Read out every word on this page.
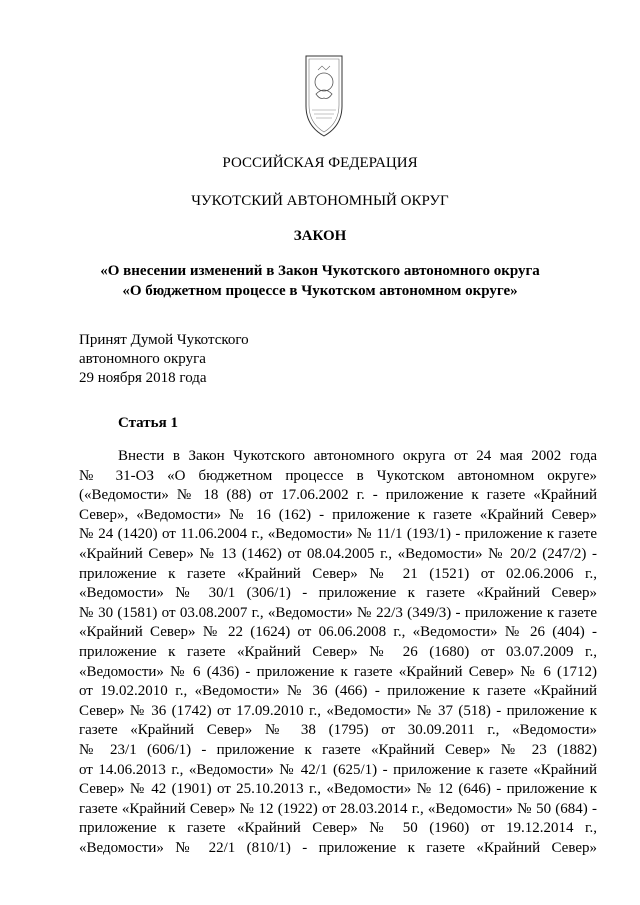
РОССИЙСКАЯ ФЕДЕРАЦИЯ
ЧУКОТСКИЙ АВТОНОМНЫЙ ОКРУГ
ЗАКОН
«О внесении изменений в Закон Чукотского автономного округа
«О бюджетном процессе в Чукотском автономном округе»
Принят Думой Чукотского
автономного округа
29 ноября 2018 года
Статья 1
Внести в Закон Чукотского автономного округа от 24 мая 2002 года
№ 31-ОЗ «О бюджетном процессе в Чукотском автономном округе»
(«Ведомости» № 18 (88) от 17.06.2002 г. - приложение к газете «Крайний
Север», «Ведомости» № 16 (162) - приложение к газете «Крайний Север»
№ 24 (1420) от 11.06.2004 г., «Ведомости» № 11/1 (193/1) - приложение к газете
«Крайний Север» № 13 (1462) от 08.04.2005 г., «Ведомости» № 20/2 (247/2) -
приложение к газете «Крайний Север» № 21 (1521) от 02.06.2006 г.,
«Ведомости» № 30/1 (306/1) - приложение к газете «Крайний Север»
№ 30 (1581) от 03.08.2007 г., «Ведомости» № 22/3 (349/3) - приложение к газете
«Крайний Север» № 22 (1624) от 06.06.2008 г., «Ведомости» № 26 (404) -
приложение к газете «Крайний Север» № 26 (1680) от 03.07.2009 г.,
«Ведомости» № 6 (436) - приложение к газете «Крайний Север» № 6 (1712)
от 19.02.2010 г., «Ведомости» № 36 (466) - приложение к газете «Крайний
Север» № 36 (1742) от 17.09.2010 г., «Ведомости» № 37 (518) - приложение к
газете «Крайний Север» № 38 (1795) от 30.09.2011 г., «Ведомости»
№ 23/1 (606/1) - приложение к газете «Крайний Север» № 23 (1882)
от 14.06.2013 г., «Ведомости» № 42/1 (625/1) - приложение к газете «Крайний
Север» № 42 (1901) от 25.10.2013 г., «Ведомости» № 12 (646) - приложение к
газете «Крайний Север» № 12 (1922) от 28.03.2014 г., «Ведомости» № 50 (684) -
приложение к газете «Крайний Север» № 50 (1960) от 19.12.2014 г.,
«Ведомости» № 22/1 (810/1) - приложение к газете «Крайний Север»
